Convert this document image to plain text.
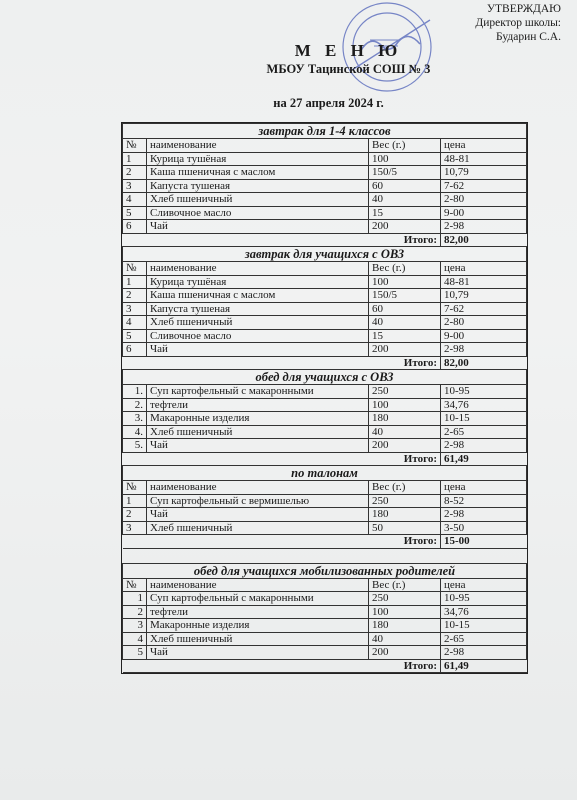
УТВЕРЖДАЮ
Директор школы:
Бударин С.А.
М Е Н Ю
МБОУ Тацинской СОШ № 3
на 27 апреля 2024 г.
завтрак для 1-4 классов			
№	наименование	Вес (г.)	цена
1	Курица тушёная	100	48-81
2	Каша пшеничная с маслом	150/5	10,79
3	Капуста тушеная	60	7-62
4	Хлеб пшеничный	40	2-80
5	Сливочное масло	15	9-00
6	Чай	200	2-98
Итого:			82,00
завтрак для учащихся с ОВЗ			
№	наименование	Вес (г.)	цена
1	Курица тушёная	100	48-81
2	Каша пшеничная с маслом	150/5	10,79
3	Капуста тушеная	60	7-62
4	Хлеб пшеничный	40	2-80
5	Сливочное масло	15	9-00
6	Чай	200	2-98
Итого:			82,00
обед для учащихся с ОВЗ			
1.	Суп картофельный с макаронными	250	10-95
2.	тефтели	100	34,76
3.	Макаронные изделия	180	10-15
4.	Хлеб пшеничный	40	2-65
5.	Чай	200	2-98
Итого:			61,49
по талонам			
№	наименование	Вес (г.)	цена
1	Суп картофельный с вермишелью	250	8-52
2	Чай	180	2-98
3	Хлеб пшеничный	50	3-50
Итого:			15-00

обед для учащихся мобилизованных родителей			
№	наименование	Вес (г.)	цена
1	Суп картофельный с макаронными	250	10-95
2	тефтели	100	34,76
3	Макаронные изделия	180	10-15
4	Хлеб пшеничный	40	2-65
5	Чай	200	2-98
Итого:			61,49
